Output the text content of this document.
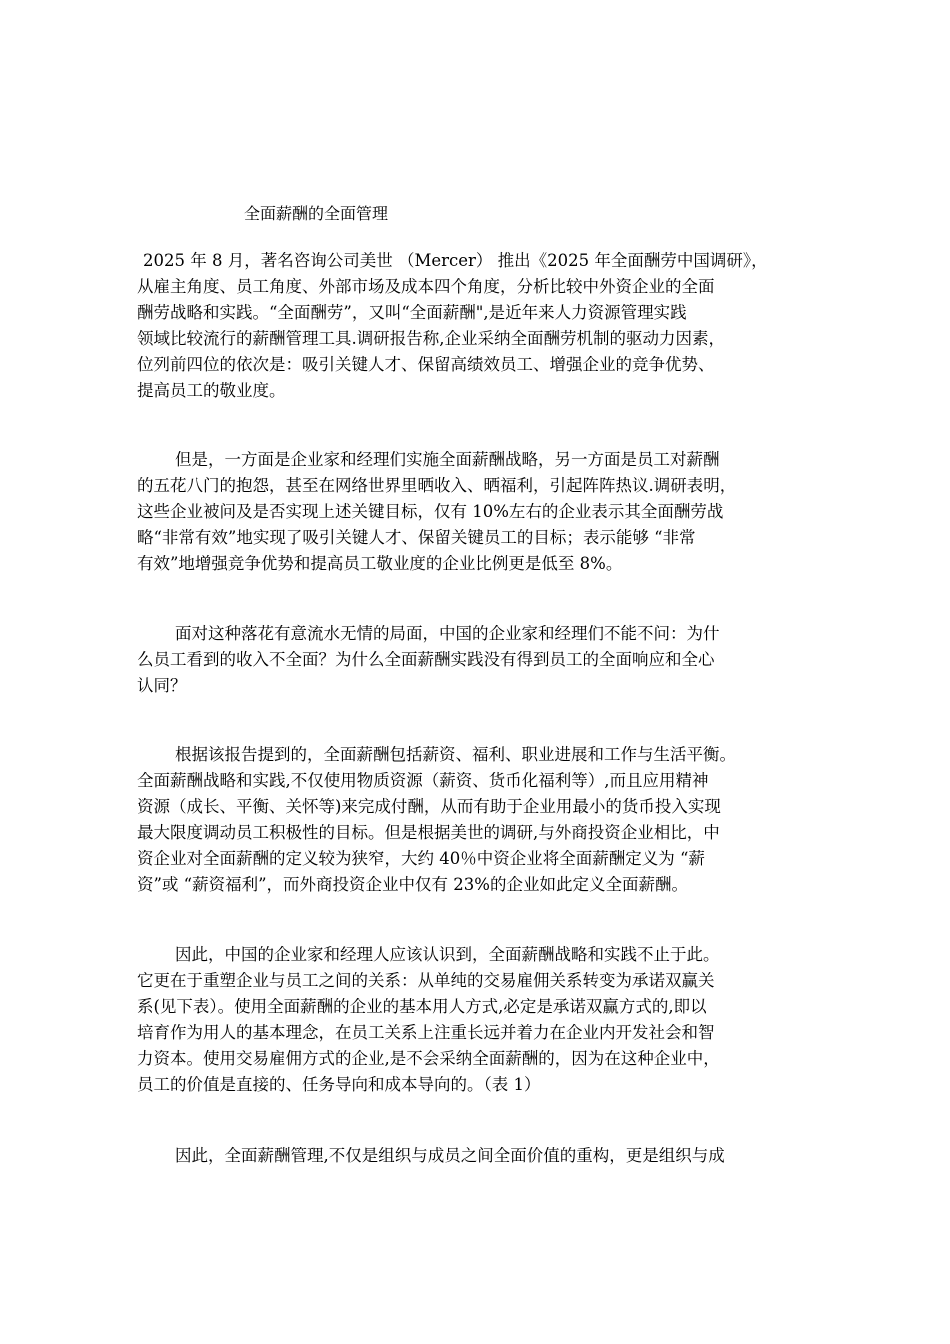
全面薪酬的全面管理
2025 年 8 月，著名咨询公司美世 （Mercer） 推出《2025 年全面酬劳中国调研》，
从雇主角度、员工角度、外部市场及成本四个角度，分析比较中外资企业的全面
酬劳战略和实践。“全面酬劳”，又叫“全面薪酬",是近年来人力资源管理实践
领域比较流行的薪酬管理工具.调研报告称,企业采纳全面酬劳机制的驱动力因素，
位列前四位的依次是：吸引关键人才、保留高绩效员工、增强企业的竞争优势、
提高员工的敬业度。
但是，一方面是企业家和经理们实施全面薪酬战略，另一方面是员工对薪酬
的五花八门的抱怨，甚至在网络世界里晒收入、晒福利，引起阵阵热议.调研表明，
这些企业被问及是否实现上述关键目标，仅有 10%左右的企业表示其全面酬劳战
略“非常有效”地实现了吸引关键人才、保留关键员工的目标；表示能够 “非常
有效”地增强竞争优势和提高员工敬业度的企业比例更是低至 8%。
面对这种落花有意流水无情的局面，中国的企业家和经理们不能不问：为什
么员工看到的收入不全面？为什么全面薪酬实践没有得到员工的全面响应和全心
认同？
根据该报告提到的，全面薪酬包括薪资、福利、职业进展和工作与生活平衡。
全面薪酬战略和实践,不仅使用物质资源（薪资、货币化福利等）,而且应用精神
资源（成长、平衡、关怀等)来完成付酬，从而有助于企业用最小的货币投入实现
最大限度调动员工积极性的目标。但是根据美世的调研,与外商投资企业相比，中
资企业对全面薪酬的定义较为狭窄，大约 40％中资企业将全面薪酬定义为 “薪
资”或 “薪资福利”，而外商投资企业中仅有 23%的企业如此定义全面薪酬。
因此，中国的企业家和经理人应该认识到，全面薪酬战略和实践不止于此。
它更在于重塑企业与员工之间的关系：从单纯的交易雇佣关系转变为承诺双赢关
系(见下表）。使用全面薪酬的企业的基本用人方式,必定是承诺双赢方式的,即以
培育作为用人的基本理念，在员工关系上注重长远并着力在企业内开发社会和智
力资本。使用交易雇佣方式的企业,是不会采纳全面薪酬的，因为在这种企业中，
员工的价值是直接的、任务导向和成本导向的。（表 1）
因此，全面薪酬管理,不仅是组织与成员之间全面价值的重构，更是组织与成
